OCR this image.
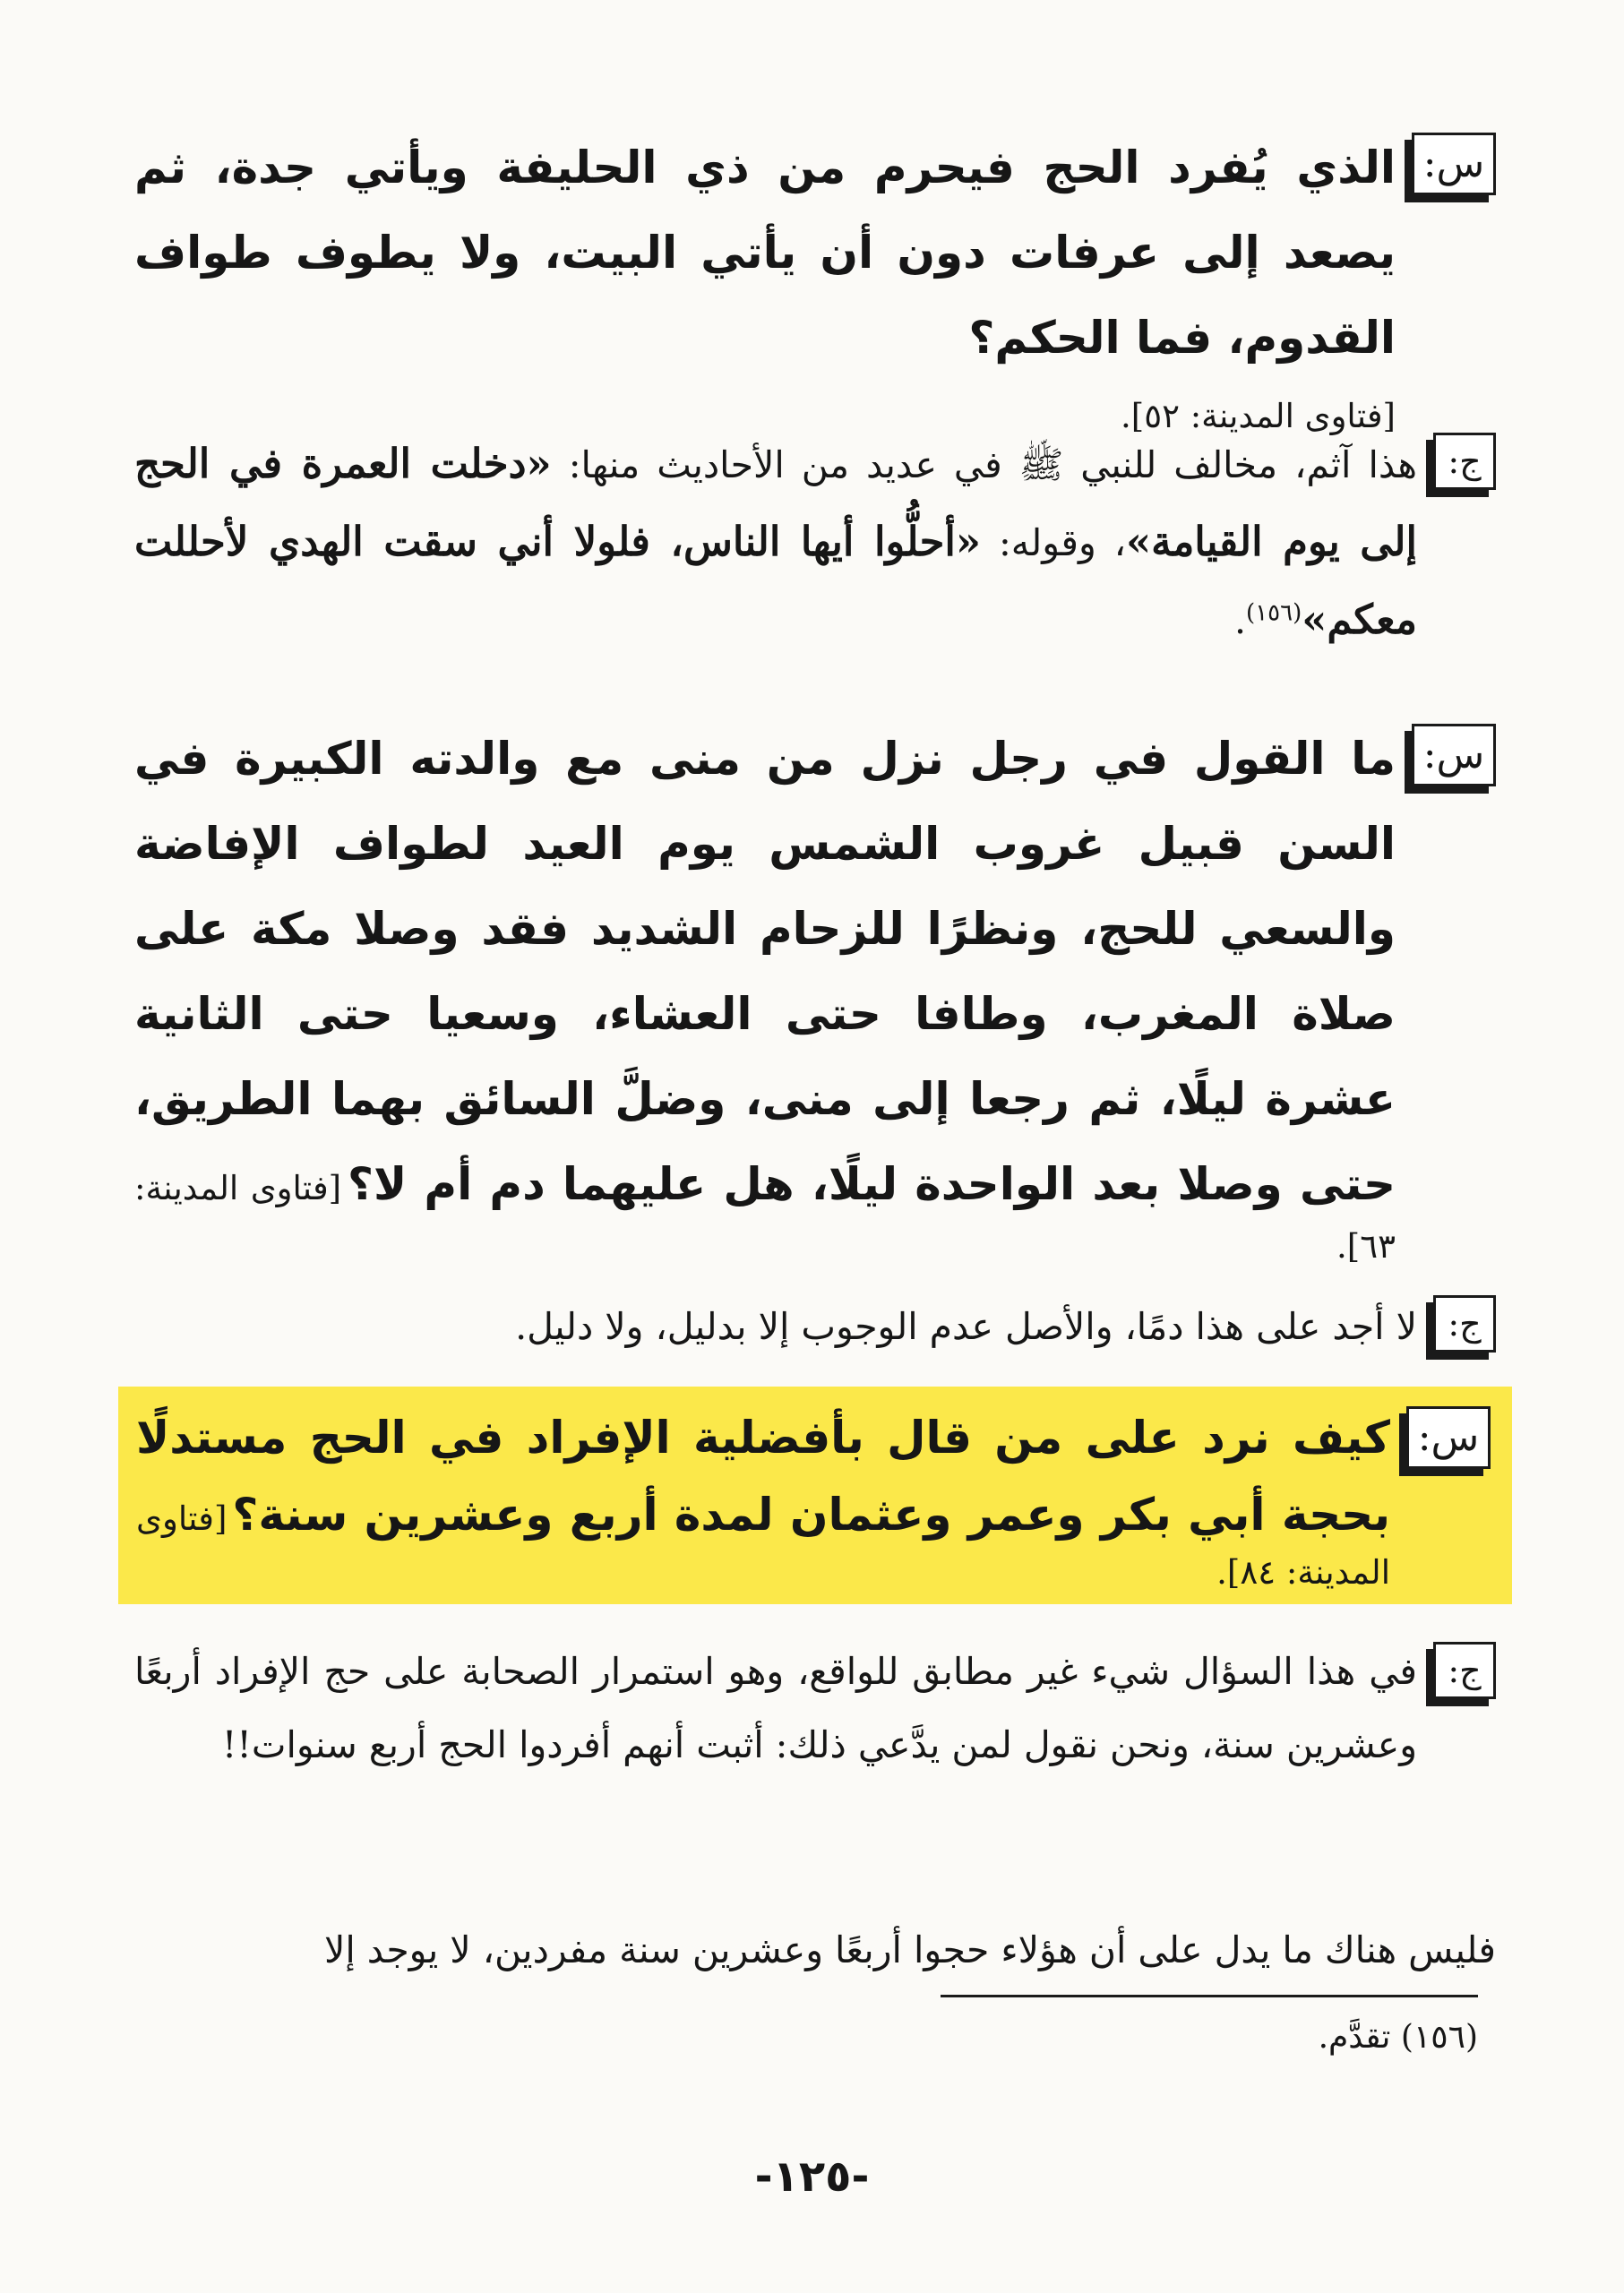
س:
الذي يُفرد الحج فيحرم من ذي الحليفة ويأتي جدة، ثم يصعد إلى عرفات دون أن يأتي البيت، ولا يطوف طواف القدوم، فما الحكم؟
[فتاوى المدينة: ٥٢].
ج:
هذا آثم، مخالف للنبي ﷺ في عديد من الأحاديث منها: «دخلت العمرة في الحج إلى يوم القيامة»، وقوله: «أحلُّوا أيها الناس، فلولا أني سقت الهدي لأحللت معكم»$^{(١٥٦)}$.
س:
ما القول في رجل نزل من منى مع والدته الكبيرة في السن قبيل غروب الشمس يوم العيد لطواف الإفاضة والسعي للحج، ونظرًا للزحام الشديد فقد وصلا مكة على صلاة المغرب، وطافا حتى العشاء، وسعيا حتى الثانية عشرة ليلًا، ثم رجعا إلى منى، وضلَّ السائق بهما الطريق، حتى وصلا بعد الواحدة ليلًا، هل عليهما دم أم لا؟ [فتاوى المدينة: ٦٣].
ج:
لا أجد على هذا دمًا، والأصل عدم الوجوب إلا بدليل، ولا دليل.
س:
كيف نرد على من قال بأفضلية الإفراد في الحج مستدلًا بحجة أبي بكر وعمر وعثمان لمدة أربع وعشرين سنة؟ [فتاوى المدينة: ٨٤].
ج:
في هذا السؤال شيء غير مطابق للواقع، وهو استمرار الصحابة على حج الإفراد أربعًا وعشرين سنة، ونحن نقول لمن يدَّعي ذلك: أثبت أنهم أفردوا الحج أربع سنوات!!
فليس هناك ما يدل على أن هؤلاء حجوا أربعًا وعشرين سنة مفردين، لا يوجد إلا
(١٥٦) تقدَّم.
-١٢٥-
